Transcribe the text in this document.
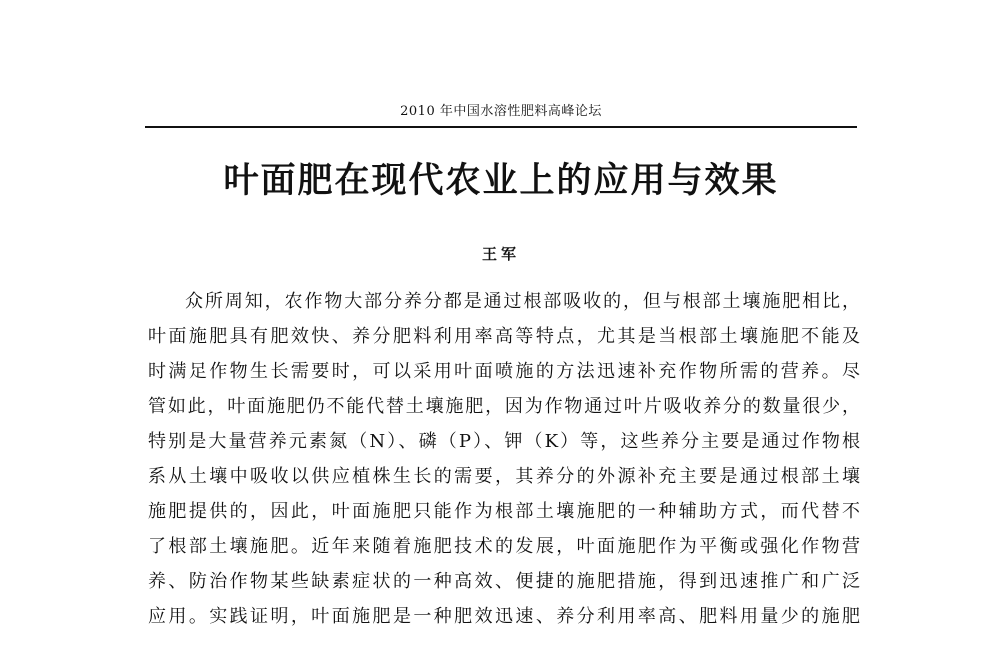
2010 年中国水溶性肥料高峰论坛
叶面肥在现代农业上的应用与效果
王军
众所周知，农作物大部分养分都是通过根部吸收的，但与根部土壤施肥相比，
叶面施肥具有肥效快、养分肥料利用率高等特点，尤其是当根部土壤施肥不能及
时满足作物生长需要时，可以采用叶面喷施的方法迅速补充作物所需的营养。尽
管如此，叶面施肥仍不能代替土壤施肥，因为作物通过叶片吸收养分的数量很少，
特别是大量营养元素氮（N）、磷（P）、钾（K）等，这些养分主要是通过作物根
系从土壤中吸收以供应植株生长的需要，其养分的外源补充主要是通过根部土壤
施肥提供的，因此，叶面施肥只能作为根部土壤施肥的一种辅助方式，而代替不
了根部土壤施肥。近年来随着施肥技术的发展，叶面施肥作为平衡或强化作物营
养、防治作物某些缺素症状的一种高效、便捷的施肥措施，得到迅速推广和广泛
应用。实践证明，叶面施肥是一种肥效迅速、养分利用率高、肥料用量少的施肥
